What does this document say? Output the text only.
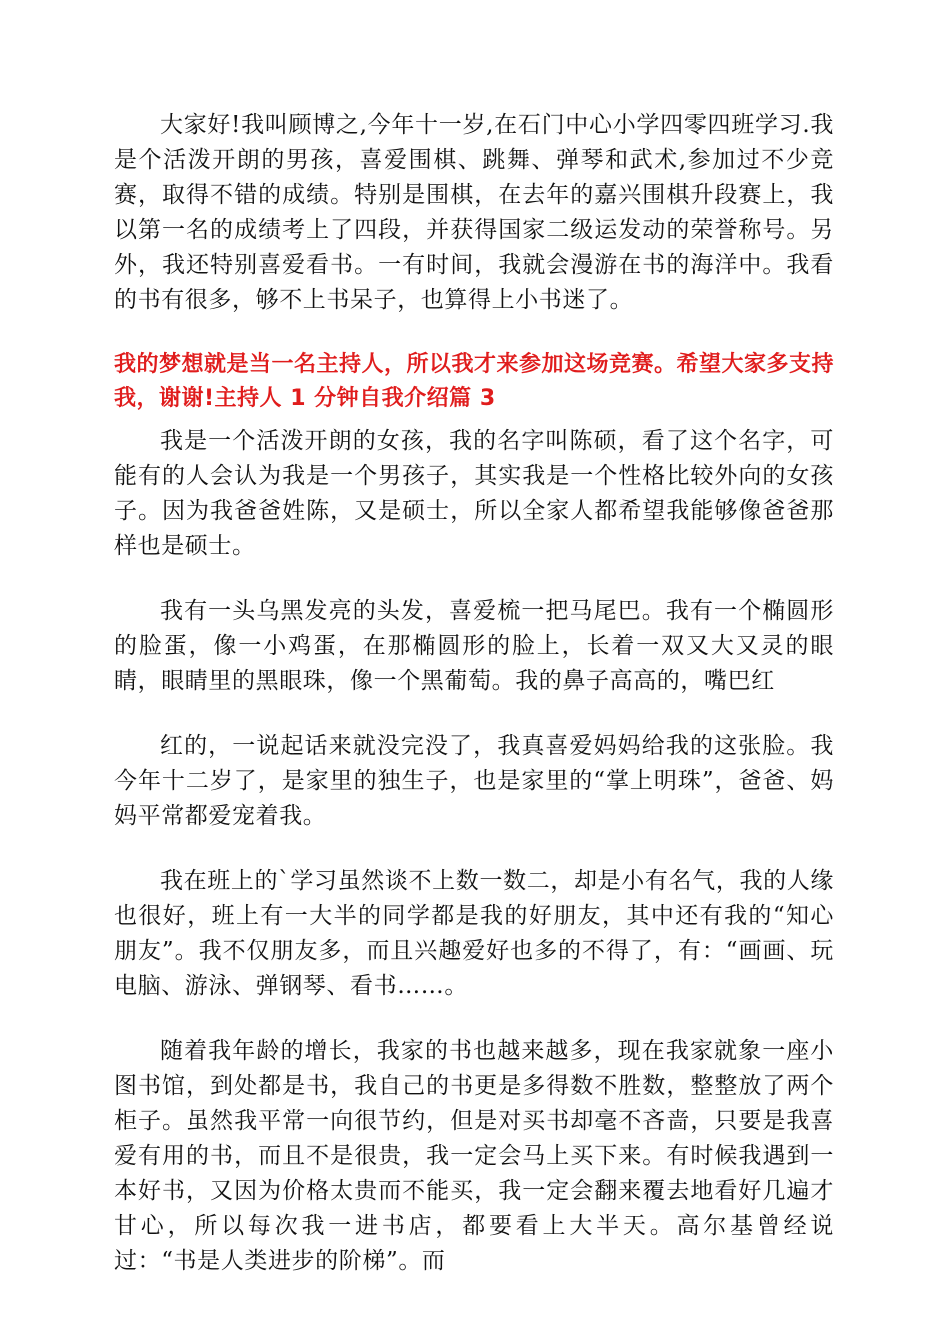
大家好!我叫顾博之,今年十一岁,在石门中心小学四零四班学习.我是个活泼开朗的男孩，喜爱围棋、跳舞、弹琴和武术,参加过不少竞赛，取得不错的成绩。特别是围棋，在去年的嘉兴围棋升段赛上，我以第一名的成绩考上了四段，并获得国家二级运发动的荣誉称号。另外，我还特别喜爱看书。一有时间，我就会漫游在书的海洋中。我看的书有很多，够不上书呆子，也算得上小书迷了。

我的梦想就是当一名主持人，所以我才来参加这场竞赛。希望大家多支持我，谢谢!主持人 1 分钟自我介绍篇 3

我是一个活泼开朗的女孩，我的名字叫陈硕，看了这个名字，可能有的人会认为我是一个男孩子，其实我是一个性格比较外向的女孩子。因为我爸爸姓陈，又是硕士，所以全家人都希望我能够像爸爸那样也是硕士。

我有一头乌黑发亮的头发，喜爱梳一把马尾巴。我有一个椭圆形的脸蛋，像一小鸡蛋，在那椭圆形的脸上，长着一双又大又灵的眼睛，眼睛里的黑眼珠，像一个黑葡萄。我的鼻子高高的，嘴巴红

红的，一说起话来就没完没了，我真喜爱妈妈给我的这张脸。我今年十二岁了，是家里的独生子，也是家里的“掌上明珠”，爸爸、妈妈平常都爱宠着我。

我在班上的`学习虽然谈不上数一数二，却是小有名气，我的人缘也很好，班上有一大半的同学都是我的好朋友，其中还有我的“知心朋友”。我不仅朋友多，而且兴趣爱好也多的不得了，有：“画画、玩电脑、游泳、弹钢琴、看书……。

随着我年龄的增长，我家的书也越来越多，现在我家就象一座小图书馆，到处都是书，我自己的书更是多得数不胜数，整整放了两个柜子。虽然我平常一向很节约，但是对买书却毫不吝啬，只要是我喜爱有用的书，而且不是很贵，我一定会马上买下来。有时候我遇到一本好书，又因为价格太贵而不能买，我一定会翻来覆去地看好几遍才甘心，所以每次我一进书店，都要看上大半天。高尔基曾经说过：“书是人类进步的阶梯”。而
